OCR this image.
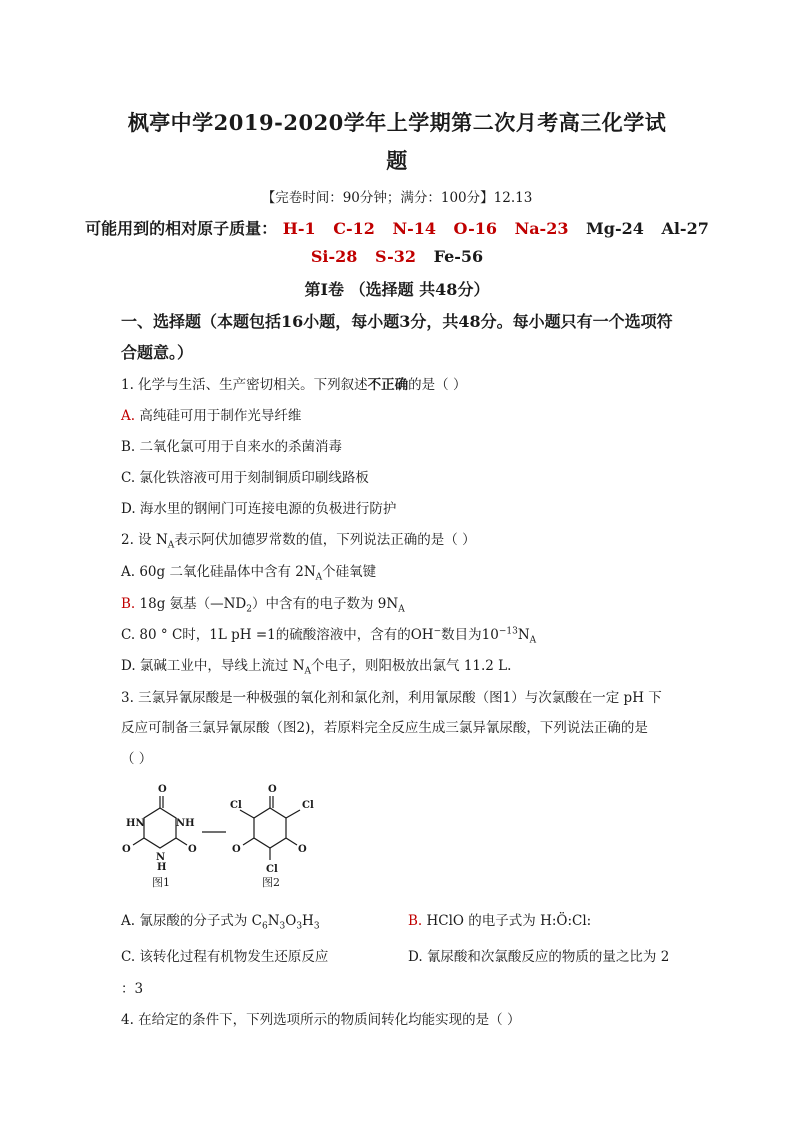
枫亭中学2019-2020学年上学期第二次月考高三化学试
题
【完卷时间：90分钟；满分：100分】12.13
可能用到的相对原子质量： H-1 C-12 N-14 O-16 Na-23 Mg-24 Al-27
Si-28 S-32 Fe-56
第Ⅰ卷 （选择题 共48分）
一、选择题（本题包括16小题，每小题3分，共48分。每小题只有一个选项符合题意。）
1. 化学与生活、生产密切相关。下列叙述不正确的是（ ）
A. 高纯硅可用于制作光导纤维
B. 二氧化氯可用于自来水的杀菌消毒
C. 氯化铁溶液可用于刻制铜质印刷线路板
D. 海水里的钢闸门可连接电源的负极进行防护
2. 设 $N_A$表示阿伏加德罗常数的值，下列说法正确的是（ ）
A. 60g 二氧化硅晶体中含有 $2N_A$个硅氧键
B. 18g 氨基$(—ND_2)$中含有的电子数为 $9N_A$
C. 80 ° C时，1L pH =1的硫酸溶液中，含有的OH−数目为$10^{-13}N_A$
D. 氯碱工业中，导线上流过 $N_A$个电子，则阳极放出氯气 11.2 L.
3. 三氯异氰尿酸是一种极强的氧化剂和氯化剂，利用氰尿酸（图1）与次氯酸在一定 pH 下
反应可制备三氯异氰尿酸（图2)，若原料完全反应生成三氯异氰尿酸，下列说法正确的是
（ ）
O
HN	NH
O	O
N
H
O
Cl	Cl
O	O
Cl
图1	图2
A. 氰尿酸的分子式为 $C_6N_3O_3H_3$	B. HClO 的电子式为 H:Ö:Cl:
C. 该转化过程有机物发生还原反应	D. 氰尿酸和次氯酸反应的物质的量之比为 2
：3
4. 在给定的条件下，下列选项所示的物质间转化均能实现的是（ ）
